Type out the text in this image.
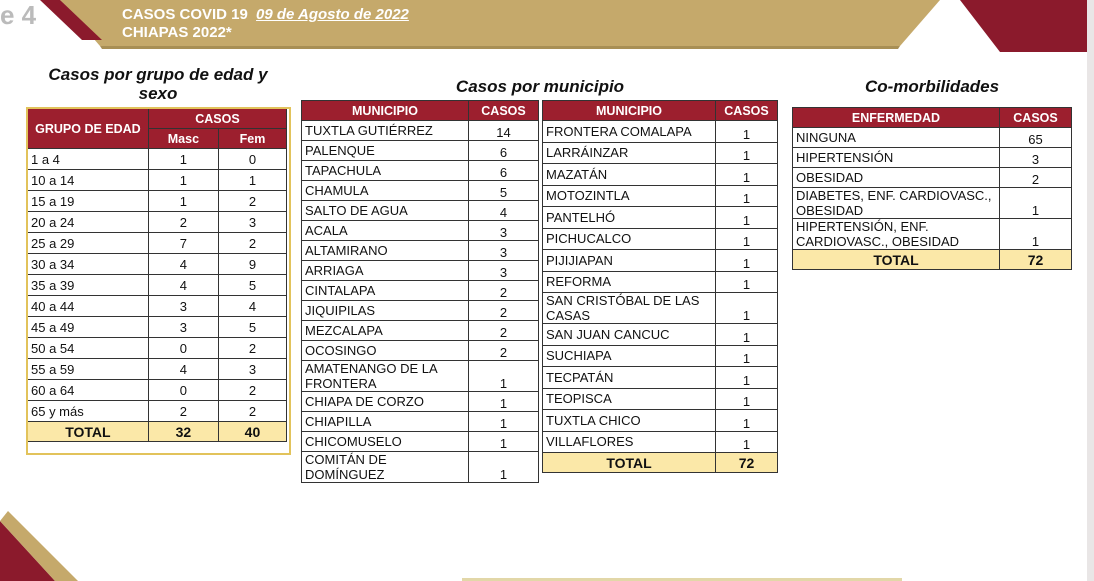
e 4	CASOS COVID 19 09 de Agosto de 2022
CHIAPAS 2022*
Casos por grupo de edad y
sexo
GRUPO DE EDAD	CASOS	
	Masc	Fem
1 a 4	1	0
10 a 14	1	1
15 a 19	1	2
20 a 24	2	3
25 a 29	7	2
30 a 34	4	9
35 a 39	4	5
40 a 44	3	4
45 a 49	3	5
50 a 54	0	2
55 a 59	4	3
60 a 64	0	2
65 y más	2	2
TOTAL	32	40
Casos por municipio
MUNICIPIO	CASOS
TUXTLA GUTIÉRREZ	14
PALENQUE	6
TAPACHULA	6
CHAMULA	5
SALTO DE AGUA	4
ACALA	3
ALTAMIRANO	3
ARRIAGA	3
CINTALAPA	2
JIQUIPILAS	2
MEZCALAPA	2
OCOSINGO	2
AMATENANGO DE LA
FRONTERA	1
CHIAPA DE CORZO	1
CHIAPILLA	1
CHICOMUSELO	1
COMITÁN DE
DOMÍNGUEZ	1
MUNICIPIO	CASOS
FRONTERA COMALAPA	1
LARRÁINZAR	1
MAZATÁN	1
MOTOZINTLA	1
PANTELHÓ	1
PICHUCALCO	1
PIJIJIAPAN	1
REFORMA	1
SAN CRISTÓBAL DE LAS
CASAS	1
SAN JUAN CANCUC	1
SUCHIAPA	1
TECPATÁN	1
TEOPISCA	1
TUXTLA CHICO	1
VILLAFLORES	1
TOTAL	72
Co-morbilidades
ENFERMEDAD	CASOS
NINGUNA	65
HIPERTENSIÓN	3
OBESIDAD	2
DIABETES, ENF. CARDIOVASC.,
OBESIDAD	1
HIPERTENSIÓN, ENF.
CARDIOVASC., OBESIDAD	1
TOTAL	72
